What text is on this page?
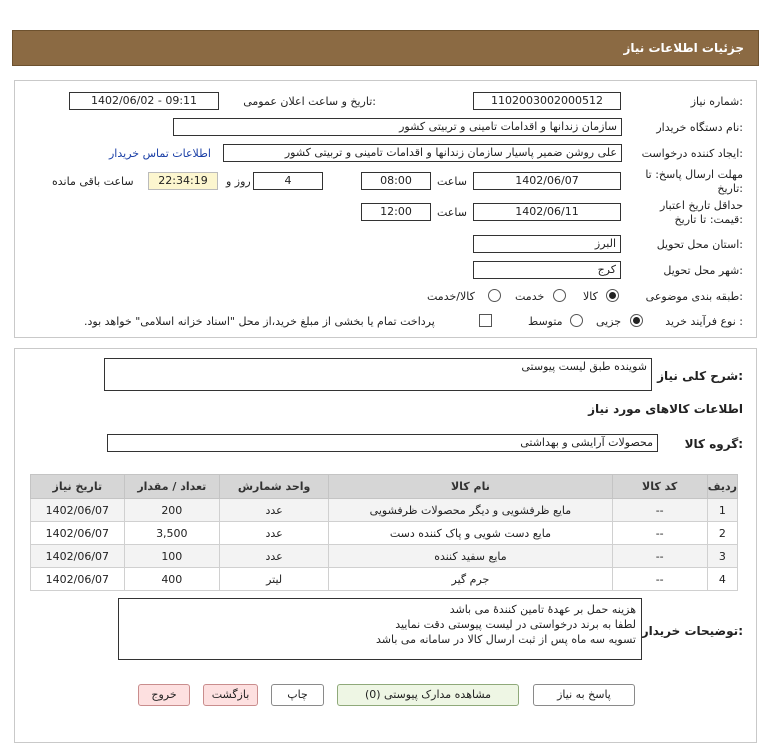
جزئیات اطلاعات نیاز
شماره نیاز:
1102003002000512
تاریخ و ساعت اعلان عمومی:
1402/06/02 - 09:11
نام دستگاه خریدار:
سازمان زندانها و اقدامات تامینی و تربیتی کشور
ایجاد کننده درخواست:
علی روشن ضمیر پاسیار سازمان زندانها و اقدامات تامینی و تربیتی کشور
اطلاعات تماس خریدار
مهلت ارسال پاسخ: تا
تاریخ:
1402/06/07
ساعت
08:00
4
روز و
22:34:19
ساعت باقی مانده
حداقل تاریخ اعتبار
قیمت: تا تاریخ:
1402/06/11
ساعت
12:00
استان محل تحویل:
البرز
شهر محل تحویل:
کرج
طبقه بندی موضوعی:
کالا
خدمت
کالا/خدمت
نوع فرآیند خرید :
جزیی
متوسط
پرداخت تمام یا بخشی از مبلغ خرید،از محل "اسناد خزانه اسلامی" خواهد بود.
شرح کلی نیاز:
شوینده طبق لیست پیوستی
اطلاعات کالاهای مورد نیاز
گروه کالا:
محصولات آرایشی و بهداشتی
تاریخ نیاز	تعداد / مقدار	واحد شمارش	نام کالا	کد کالا	ردیف
1402/06/07	200	عدد	مایع ظرفشویی و دیگر محصولات ظرفشویی	--	1
1402/06/07	3,500	عدد	مایع دست شویی و پاک کننده دست	--	2
1402/06/07	100	عدد	مایع سفید کننده	--	3
1402/06/07	400	لیتر	جرم گیر	--	4
توضیحات خریدار:
هزینه حمل بر عهدهٔ تامین کنندهٔ می باشد
لطفا به برند درخواستی در لیست پیوستی دقت نمایید
تسویه سه ماه پس از ثبت ارسال کالا در سامانه می باشد
پاسخ به نیاز
مشاهده مدارک پیوستی (0)
چاپ
بازگشت
خروج
